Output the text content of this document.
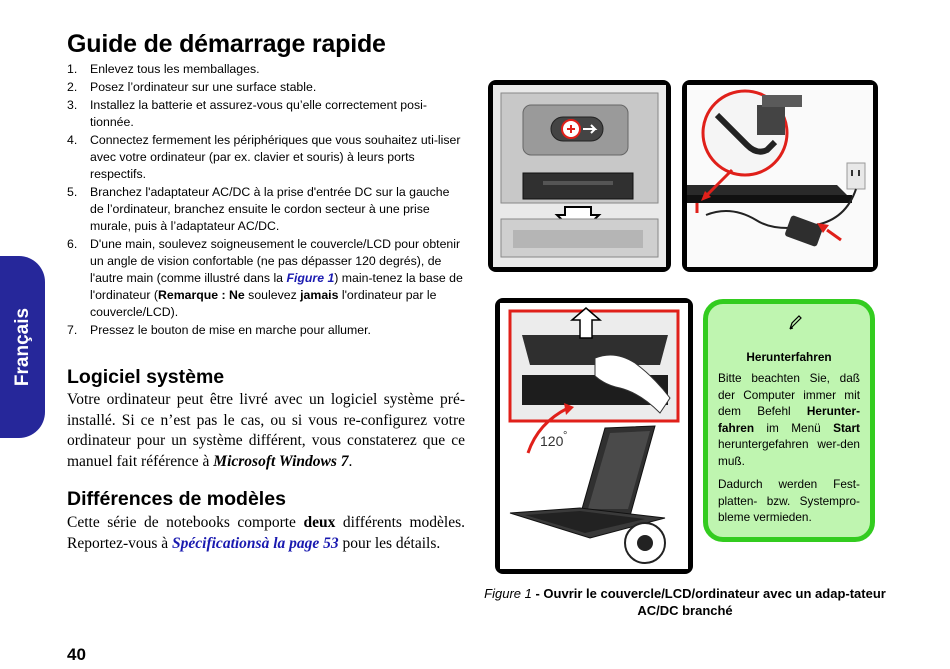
Français
Guide de démarrage rapide
1. Enlevez tous les memballages.
2. Posez l’ordinateur sur une surface stable.
3. Installez la batterie et assurez-vous qu’elle correctement posi-tionnée.
4. Connectez fermement les périphériques que vous souhaitez uti-liser avec votre ordinateur (par ex. clavier et souris) à leurs ports respectifs.
5. Branchez l'adaptateur AC/DC à la prise d'entrée DC sur la gauche de l’ordinateur, branchez ensuite le cordon secteur à une prise murale, puis à l’adaptateur AC/DC.
6. D'une main, soulevez soigneusement le couvercle/LCD pour obtenir un angle de vision confortable (ne pas dépasser 120 degrés), de l'autre main (comme illustré dans la Figure 1) main-tenez la base de l'ordinateur (Remarque : Ne soulevez jamais l'ordinateur par le couvercle/LCD).
7. Pressez le bouton de mise en marche pour allumer.
Logiciel système

Votre ordinateur peut être livré avec un logiciel système pré-installé. Si ce n’est pas le cas, ou si vous re-configurez votre ordinateur pour un système différent, vous constaterez que ce manuel fait référence à Microsoft Windows 7.

Différences de modèles

Cette série de notebooks comporte deux différents modèles. Reportez-vous à Spécificationsà la page 53 pour les détails.

120 °
Herunterfahren

Bitte beachten Sie, daß der Computer immer mit dem Befehl Herunter-fahren im Menü Start heruntergefahren wer-den muß.

Dadurch werden Fest-platten- bzw. Systempro-bleme vermieden.

Figure 1 - Ouvrir le couvercle/LCD/ordinateur avec un adap-tateur AC/DC branché
40
